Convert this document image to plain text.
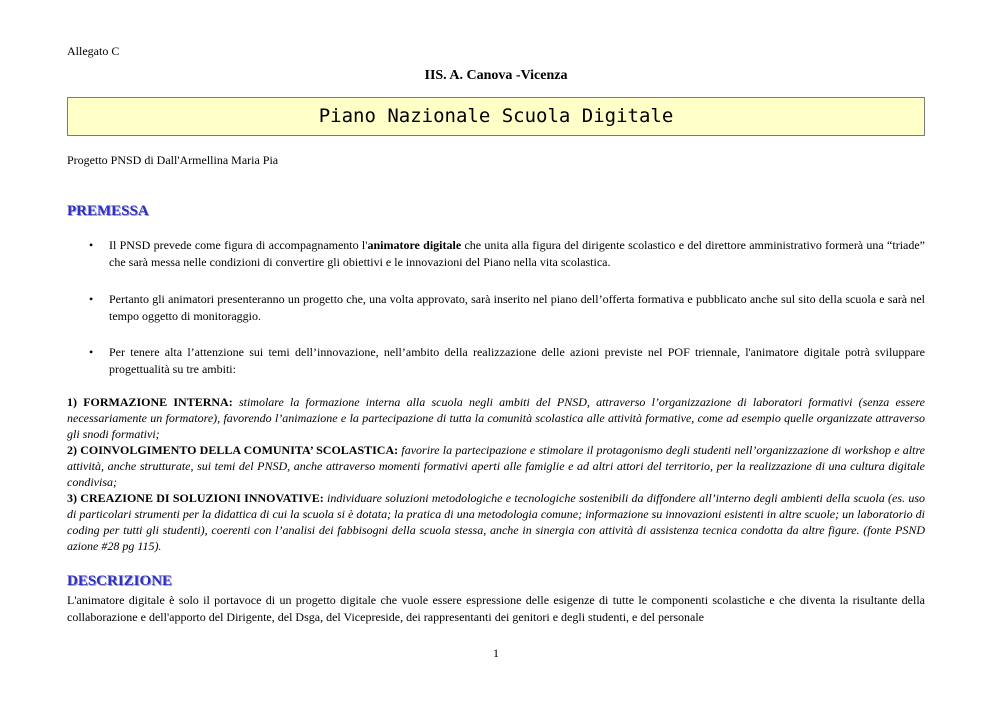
Allegato C
IIS. A. Canova -Vicenza
Piano Nazionale Scuola Digitale
Progetto PNSD di Dall'Armellina Maria Pia
PREMESSA
• Il PNSD prevede come figura di accompagnamento l'animatore digitale che unita alla figura del dirigente scolastico e del direttore amministrativo formerà una “triade” che sarà messa nelle condizioni di convertire gli obiettivi e le innovazioni del Piano nella vita scolastica.
• Pertanto gli animatori presenteranno un progetto che, una volta approvato, sarà inserito nel piano dell’offerta formativa e pubblicato anche sul sito della scuola e sarà nel tempo oggetto di monitoraggio.
• Per tenere alta l’attenzione sui temi dell’innovazione, nell’ambito della realizzazione delle azioni previste nel POF triennale, l'animatore digitale potrà sviluppare progettualità su tre ambiti:

1) FORMAZIONE INTERNA: stimolare la formazione interna alla scuola negli ambiti del PNSD, attraverso l’organizzazione di laboratori formativi (senza essere necessariamente un formatore), favorendo l’animazione e la partecipazione di tutta la comunità scolastica alle attività formative, come ad esempio quelle organizzate attraverso gli snodi formativi;

2) COINVOLGIMENTO DELLA COMUNITA’ SCOLASTICA: favorire la partecipazione e stimolare il protagonismo degli studenti nell’organizzazione di workshop e altre attività, anche strutturate, sui temi del PNSD, anche attraverso momenti formativi aperti alle famiglie e ad altri attori del territorio, per la realizzazione di una cultura digitale condivisa;

3) CREAZIONE DI SOLUZIONI INNOVATIVE: individuare soluzioni metodologiche e tecnologiche sostenibili da diffondere all’interno degli ambienti della scuola (es. uso di particolari strumenti per la didattica di cui la scuola si è dotata; la pratica di una metodologia comune; informazione su innovazioni esistenti in altre scuole; un laboratorio di coding per tutti gli studenti), coerenti con l’analisi dei fabbisogni della scuola stessa, anche in sinergia con attività di assistenza tecnica condotta da altre figure. (fonte PSND azione #28 pg 115).

DESCRIZIONE
L'animatore digitale è solo il portavoce di un progetto digitale che vuole essere espressione delle esigenze di tutte le componenti scolastiche e che diventa la risultante della collaborazione e dell'apporto del Dirigente, del Dsga, del Vicepreside, dei rappresentanti dei genitori e degli studenti, e del personale
1
